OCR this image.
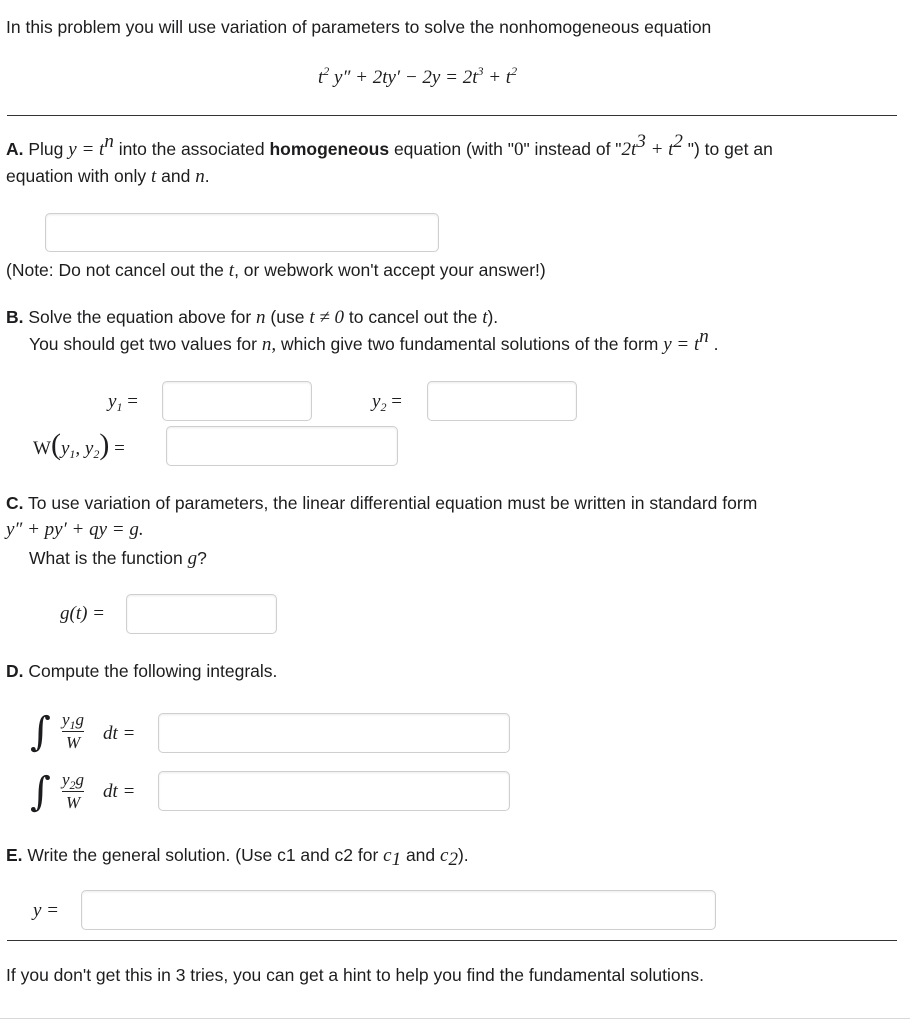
In this problem you will use variation of parameters to solve the nonhomogeneous equation
$t^2$ $y'' + 2ty' - 2y = 2t^3 + t^2$
A. Plug $y = t^n$ into the associated homogeneous equation (with "0" instead of "$2t^3 + t^2$ ") to get an
equation with only t and n.
(Note: Do not cancel out the t, or webwork won't accept your answer!)
B. Solve the equation above for n (use t ≠ 0 to cancel out the t).
You should get two values for n, which give two fundamental solutions of the form $y = t^n$ .
$y_1$ =	$y_2$ =
$W(y_1$, $y_2$) =
C. To use variation of parameters, the linear differential equation must be written in standard form
y″ + py′ + qy = g.
What is the function g?
g(t) =
D. Compute the following integrals.
∫ $y_1g$
W dt =
∫ $y_2g$
W
dt =
E. Write the general solution. (Use c1 and c2 for $c_1$ and $c_2$).
y =
If you don't get this in 3 tries, you can get a hint to help you find the fundamental solutions.
